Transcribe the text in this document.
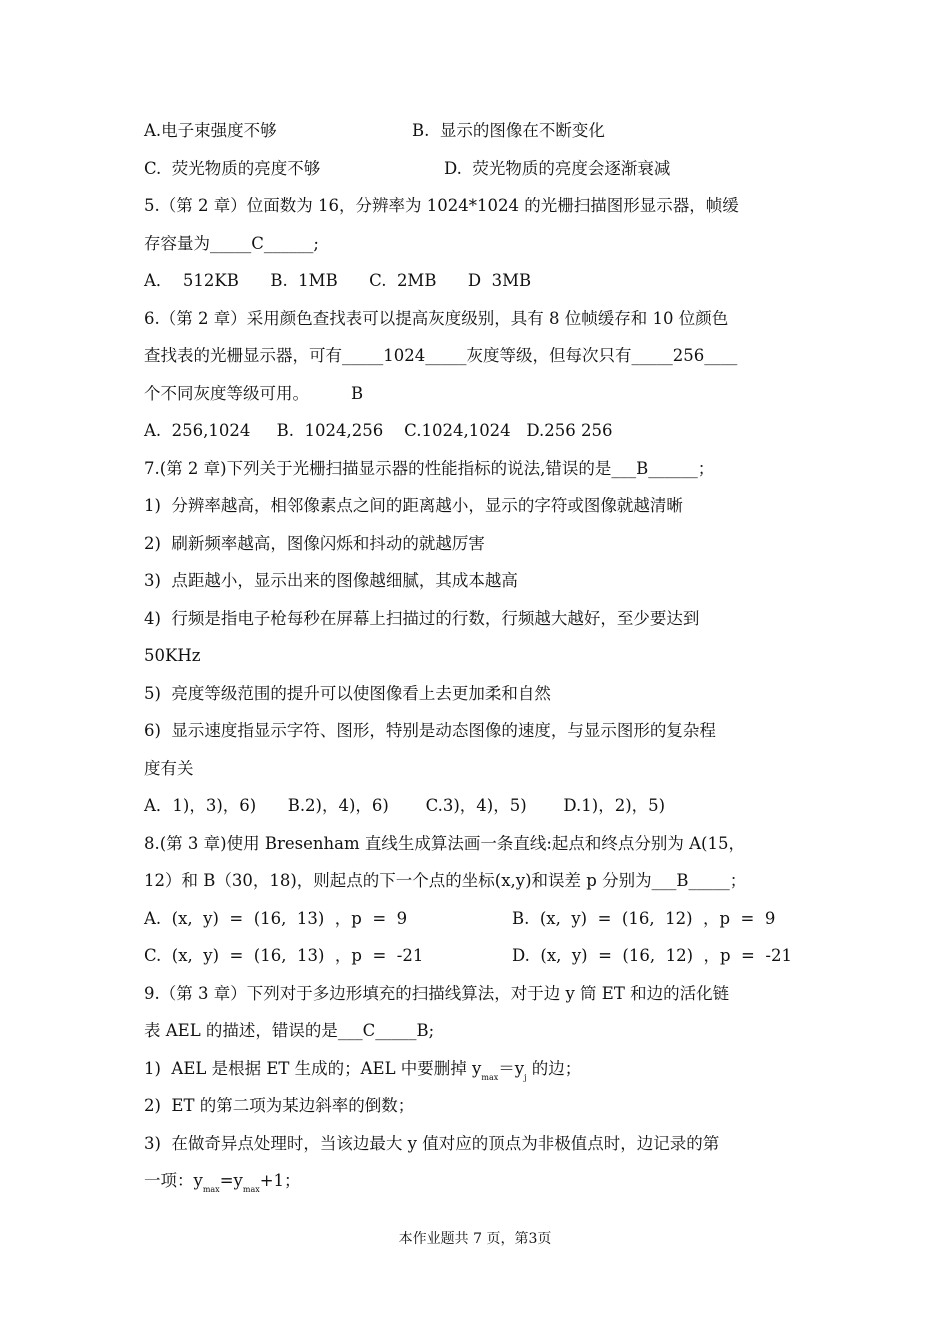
A.电子束强度不够	B.  显示的图像在不断变化
C.  荧光物质的亮度不够	D.  荧光物质的亮度会逐渐衰减
5.（第 2 章）位面数为 16，分辨率为 1024*1024 的光栅扫描图形显示器，帧缓
存容量为_____C______;
A．  512KB      B.  1MB      C.  2MB      D  3MB
6.（第 2 章）采用颜色查找表可以提高灰度级别，具有 8 位帧缓存和 10 位颜色
查找表的光栅显示器，可有_____1024_____灰度等级，但每次只有_____256____
个不同灰度等级可用。        B
A.  256,1024     B.  1024,256    C.1024,1024   D.256 256
7.(第 2 章)下列关于光栅扫描显示器的性能指标的说法,错误的是___B______；
1)  分辨率越高，相邻像素点之间的距离越小，显示的字符或图像就越清晰
2)  刷新频率越高，图像闪烁和抖动的就越厉害
3)  点距越小，显示出来的图像越细腻，其成本越高
4)  行频是指电子枪每秒在屏幕上扫描过的行数，行频越大越好，至少要达到
50KHz
5)  亮度等级范围的提升可以使图像看上去更加柔和自然
6)  显示速度指显示字符、图形，特别是动态图像的速度，与显示图形的复杂程
度有关
A．1)，3)，6)      B.2)，4)，6)       C.3)，4)，5)       D.1)，2)，5)
8.(第 3 章)使用 Bresenham 直线生成算法画一条直线:起点和终点分别为 A(15，
12）和 B（30，18)，则起点的下一个点的坐标(x,y)和误差 p 分别为___B_____；
A.  (x,  y)  =  (16,  13)  ，p  =  9	B.  (x,  y)  =  (16,  12)  ，p  =  9
C.  (x,  y)  =  (16,  13)  ，p  =  -21	D.  (x,  y)  =  (16,  12)  ，p  =  -21
9.（第 3 章）下列对于多边形填充的扫描线算法，对于边 y 筒 ET 和边的活化链
表 AEL 的描述，错误的是___C_____B;
1)  AEL 是根据 ET 生成的；AEL 中要删掉 $y_{max}=y_j$ 的边；
2)  ET 的第二项为某边斜率的倒数；
3)  在做奇异点处理时，当该边最大 y 值对应的顶点为非极值点时，边记录的第
一项：$y_{max}=y_{max}+1$；
本作业题共 7 页，第3页
